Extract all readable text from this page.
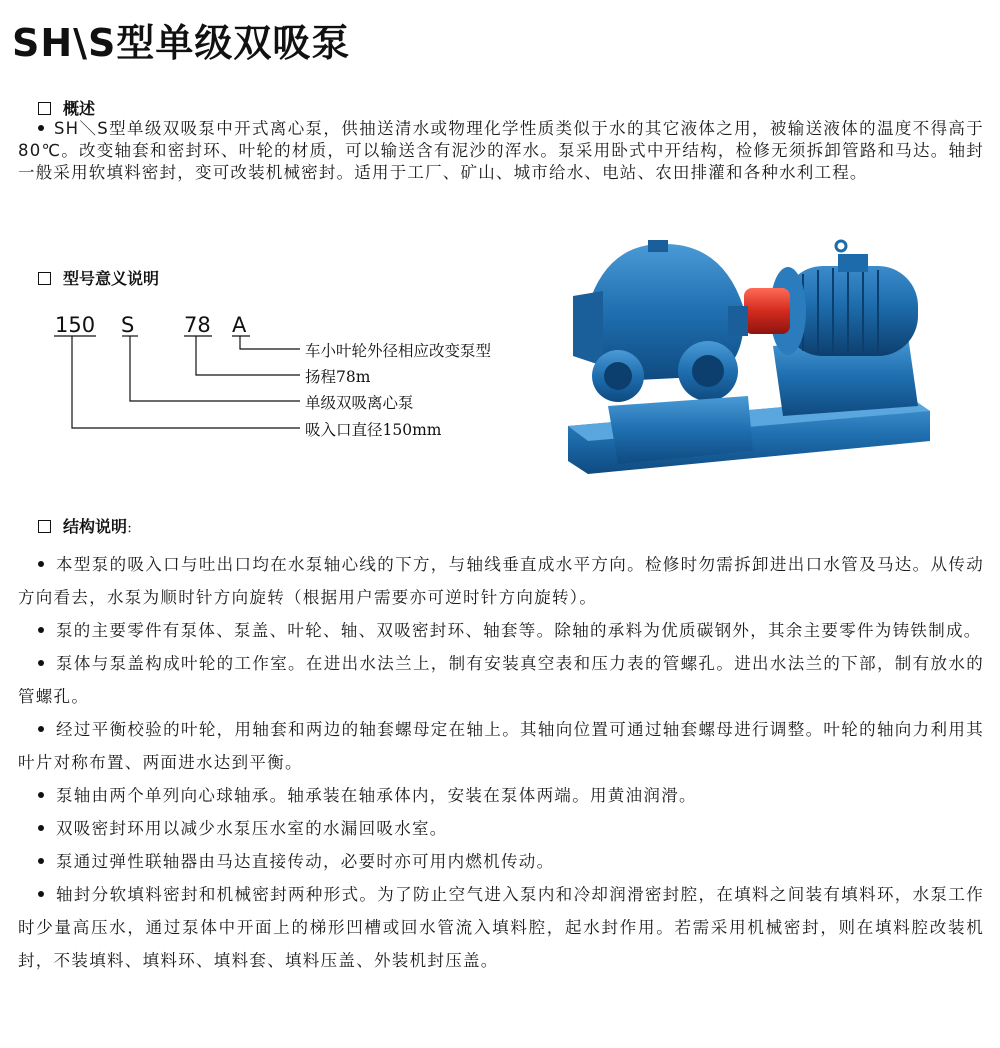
SH\S型单级双吸泵
概述
SH＼S型单级双吸泵中开式离心泵，供抽送清水或物理化学性质类似于水的其它液体之用，被输送液体的温度不得高于80℃。改变轴套和密封环、叶轮的材质，可以输送含有泥沙的浑水。泵采用卧式中开结构，检修无须拆卸管路和马达。轴封一般采用软填料密封，变可改装机械密封。适用于工厂、矿山、城市给水、电站、农田排灌和各种水利工程。
型号意义说明
150 S 78 A
车小叶轮外径相应改变泵型
扬程78m
单级双吸离心泵
吸入口直径150mm
结构说明：
本型泵的吸入口与吐出口均在水泵轴心线的下方，与轴线垂直成水平方向。检修时勿需拆卸进出口水管及马达。从传动方向看去，水泵为顺时针方向旋转（根据用户需要亦可逆时针方向旋转）。
泵的主要零件有泵体、泵盖、叶轮、轴、双吸密封环、轴套等。除轴的承料为优质碳钢外，其余主要零件为铸铁制成。
泵体与泵盖构成叶轮的工作室。在进出水法兰上，制有安装真空表和压力表的管螺孔。进出水法兰的下部，制有放水的管螺孔。
经过平衡校验的叶轮，用轴套和两边的轴套螺母定在轴上。其轴向位置可通过轴套螺母进行调整。叶轮的轴向力利用其叶片对称布置、两面进水达到平衡。
泵轴由两个单列向心球轴承。轴承装在轴承体内，安装在泵体两端。用黄油润滑。
双吸密封环用以减少水泵压水室的水漏回吸水室。
泵通过弹性联轴器由马达直接传动，必要时亦可用内燃机传动。
轴封分软填料密封和机械密封两种形式。为了防止空气进入泵内和冷却润滑密封腔，在填料之间装有填料环，水泵工作时少量高压水，通过泵体中开面上的梯形凹槽或回水管流入填料腔，起水封作用。若需采用机械密封，则在填料腔改装机封，不装填料、填料环、填料套、填料压盖、外装机封压盖。
